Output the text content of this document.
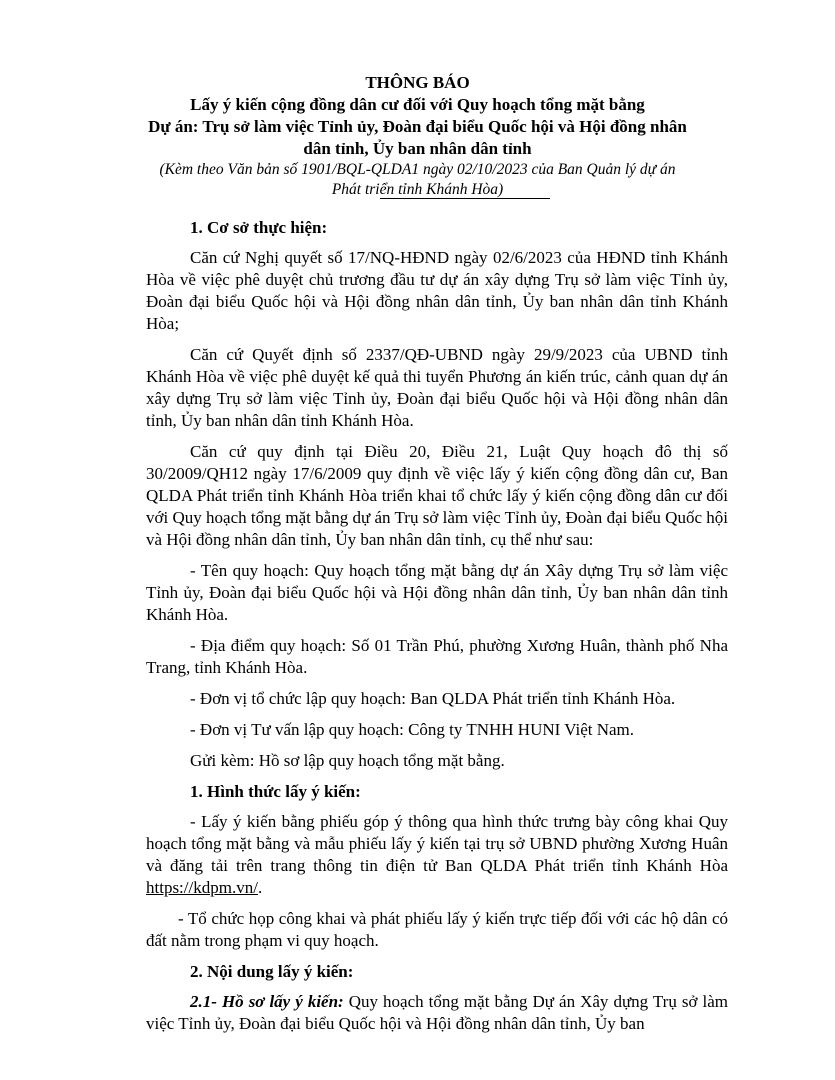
THÔNG BÁO
Lấy ý kiến cộng đồng dân cư đối với Quy hoạch tổng mặt bằng
Dự án: Trụ sở làm việc Tỉnh ủy, Đoàn đại biểu Quốc hội và Hội đồng nhân
dân tỉnh, Ủy ban nhân dân tỉnh
(Kèm theo Văn bản số 1901/BQL-QLDA1 ngày 02/10/2023 của Ban Quản lý dự án
Phát triển tỉnh Khánh Hòa)

1. Cơ sở thực hiện:

Căn cứ Nghị quyết số 17/NQ-HĐND ngày 02/6/2023 của HĐND tỉnh Khánh Hòa về việc phê duyệt chủ trương đầu tư dự án xây dựng Trụ sở làm việc Tỉnh ủy, Đoàn đại biểu Quốc hội và Hội đồng nhân dân tỉnh, Ủy ban nhân dân tỉnh Khánh Hòa;

Căn cứ Quyết định số 2337/QĐ-UBND ngày 29/9/2023 của UBND tỉnh Khánh Hòa về việc phê duyệt kế quả thi tuyển Phương án kiến trúc, cảnh quan dự án xây dựng Trụ sở làm việc Tỉnh ủy, Đoàn đại biểu Quốc hội và Hội đồng nhân dân tỉnh, Ủy ban nhân dân tỉnh Khánh Hòa.

Căn cứ quy định tại Điều 20, Điều 21, Luật Quy hoạch đô thị số 30/2009/QH12 ngày 17/6/2009 quy định về việc lấy ý kiến cộng đồng dân cư, Ban QLDA Phát triển tỉnh Khánh Hòa triển khai tổ chức lấy ý kiến cộng đồng dân cư đối với Quy hoạch tổng mặt bằng dự án Trụ sở làm việc Tỉnh ủy, Đoàn đại biểu Quốc hội và Hội đồng nhân dân tỉnh, Ủy ban nhân dân tỉnh, cụ thể như sau:

- Tên quy hoạch: Quy hoạch tổng mặt bằng dự án Xây dựng Trụ sở làm việc Tỉnh ủy, Đoàn đại biểu Quốc hội và Hội đồng nhân dân tỉnh, Ủy ban nhân dân tỉnh Khánh Hòa.

- Địa điểm quy hoạch: Số 01 Trần Phú, phường Xương Huân, thành phố Nha Trang, tỉnh Khánh Hòa.

- Đơn vị tổ chức lập quy hoạch: Ban QLDA Phát triển tỉnh Khánh Hòa.

- Đơn vị Tư vấn lập quy hoạch: Công ty TNHH HUNI Việt Nam.

Gửi kèm: Hồ sơ lập quy hoạch tổng mặt bằng.

1. Hình thức lấy ý kiến:

- Lấy ý kiến bằng phiếu góp ý thông qua hình thức trưng bày công khai Quy hoạch tổng mặt bằng và mẫu phiếu lấy ý kiến tại trụ sở UBND phường Xương Huân và đăng tải trên trang thông tin điện tử Ban QLDA Phát triển tỉnh Khánh Hòa https://kdpm.vn/.

- Tổ chức họp công khai và phát phiếu lấy ý kiến trực tiếp đối với các hộ dân có đất nằm trong phạm vi quy hoạch.

2. Nội dung lấy ý kiến:

2.1- Hồ sơ lấy ý kiến: Quy hoạch tổng mặt bằng Dự án Xây dựng Trụ sở làm việc Tỉnh ủy, Đoàn đại biểu Quốc hội và Hội đồng nhân dân tỉnh, Ủy ban
